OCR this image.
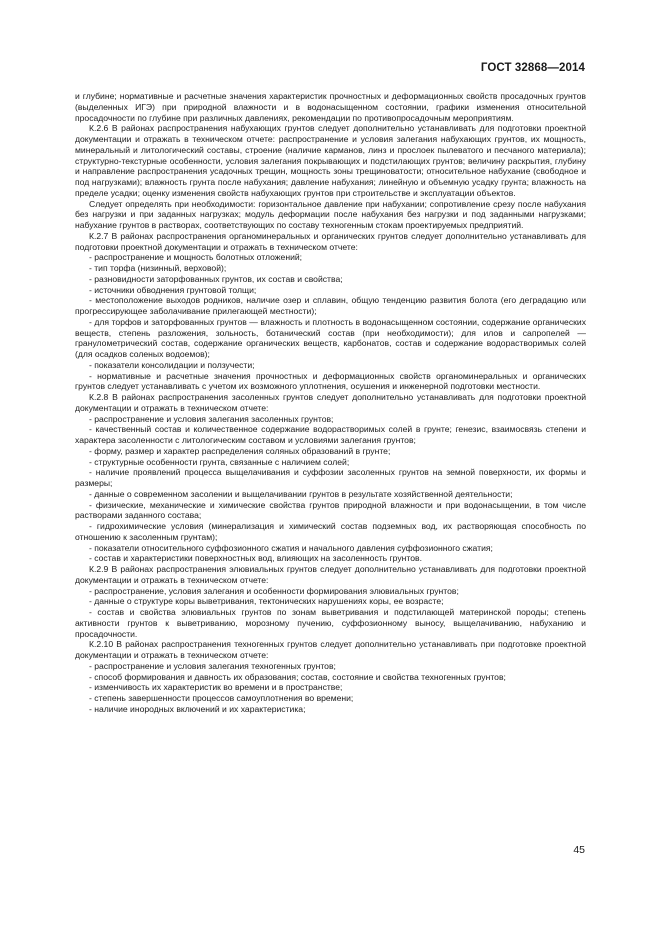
ГОСТ 32868—2014

и глубине; нормативные и расчетные значения характеристик прочностных и деформационных свойств просадочных грунтов (выделенных ИГЭ) при природной влажности и в водонасыщенном состоянии, графики изменения относительной просадочности по глубине при различных давлениях, рекомендации по противопросадочным мероприятиям.

К.2.6 В районах распространения набухающих грунтов следует дополнительно устанавливать для подготовки проектной документации и отражать в техническом отчете: распространение и условия залегания набухающих грунтов, их мощность, минеральный и литологический составы, строение (наличие карманов, линз и прослоек пылеватого и песчаного материала); структурно-текстурные особенности, условия залегания покрывающих и подстилающих грунтов; величину раскрытия, глубину и направление распространения усадочных трещин, мощность зоны трещиноватости; относительное набухание (свободное и под нагрузками); влажность грунта после набухания; давление набухания; линейную и объемную усадку грунта; влажность на пределе усадки; оценку изменения свойств набухающих грунтов при строительстве и эксплуатации объектов.

Следует определять при необходимости: горизонтальное давление при набухании; сопротивление срезу после набухания без нагрузки и при заданных нагрузках; модуль деформации после набухания без нагрузки и под заданными нагрузками; набухание грунтов в растворах, соответствующих по составу техногенным стокам проектируемых предприятий.

К.2.7 В районах распространения органоминеральных и органических грунтов следует дополнительно устанавливать для подготовки проектной документации и отражать в техническом отчете:

- распространение и мощность болотных отложений;

- тип торфа (низинный, верховой);

- разновидности заторфованных грунтов, их состав и свойства;

- источники обводнения грунтовой толщи;

- местоположение выходов родников, наличие озер и сплавин, общую тенденцию развития болота (его деградацию или прогрессирующее заболачивание прилегающей местности);

- для торфов и заторфованных грунтов — влажность и плотность в водонасыщенном состоянии, содержание органических веществ, степень разложения, зольность, ботанический состав (при необходимости); для илов и сапропелей — гранулометрический состав, содержание органических веществ, карбонатов, состав и содержание водорастворимых солей (для осадков соленых водоемов);

- показатели консолидации и ползучести;

- нормативные и расчетные значения прочностных и деформационных свойств органоминеральных и органических грунтов следует устанавливать с учетом их возможного уплотнения, осушения и инженерной подготовки местности.

К.2.8 В районах распространения засоленных грунтов следует дополнительно устанавливать для подготовки проектной документации и отражать в техническом отчете:

- распространение и условия залегания засоленных грунтов;

- качественный состав и количественное содержание водорастворимых солей в грунте; генезис, взаимосвязь степени и характера засоленности с литологическим составом и условиями залегания грунтов;

- форму, размер и характер распределения соляных образований в грунте;

- структурные особенности грунта, связанные с наличием солей;

- наличие проявлений процесса выщелачивания и суффозии засоленных грунтов на земной поверхности, их формы и размеры;

- данные о современном засолении и выщелачивании грунтов в результате хозяйственной деятельности;

- физические, механические и химические свойства грунтов природной влажности и при водонасыщении, в том числе растворами заданного состава;

- гидрохимические условия (минерализация и химический состав подземных вод, их растворяющая способность по отношению к засоленным грунтам);

- показатели относительного суффозионного сжатия и начального давления суффозионного сжатия;

- состав и характеристики поверхностных вод, влияющих на засоленность грунтов.

К.2.9 В районах распространения элювиальных грунтов следует дополнительно устанавливать для подготовки проектной документации и отражать в техническом отчете:

- распространение, условия залегания и особенности формирования элювиальных грунтов;

- данные о структуре коры выветривания, тектонических нарушениях коры, ее возрасте;

- состав и свойства элювиальных грунтов по зонам выветривания и подстилающей материнской породы; степень активности грунтов к выветриванию, морозному пучению, суффозионному выносу, выщелачиванию, набуханию и просадочности.

К.2.10 В районах распространения техногенных грунтов следует дополнительно устанавливать при подготовке проектной документации и отражать в техническом отчете:

- распространение и условия залегания техногенных грунтов;

- способ формирования и давность их образования; состав, состояние и свойства техногенных грунтов;

- изменчивость их характеристик во времени и в пространстве;

- степень завершенности процессов самоуплотнения во времени;

- наличие инородных включений и их характеристика;

45
